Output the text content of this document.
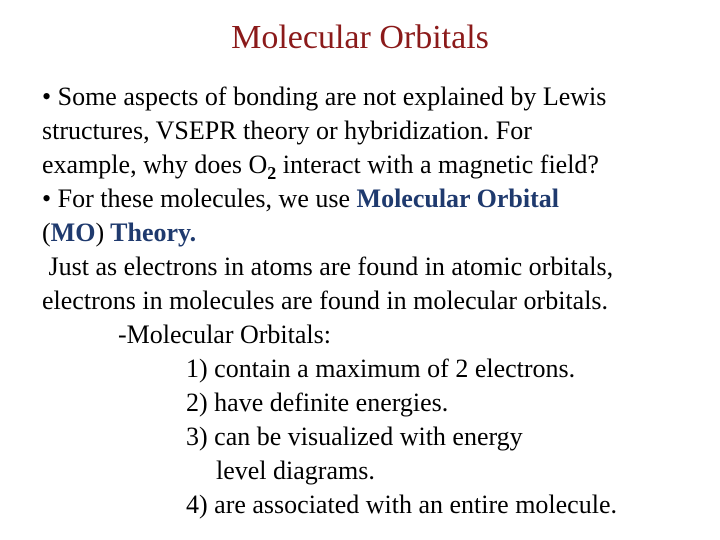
Molecular Orbitals
• Some aspects of bonding are not explained by Lewis
structures, VSEPR theory or hybridization. For
example, why does $O_2$ interact with a magnetic field?
• For these molecules, we use Molecular Orbital
(MO) Theory.
Just as electrons in atoms are found in atomic orbitals,
electrons in molecules are found in molecular orbitals.
-Molecular Orbitals:
1) contain a maximum of 2 electrons.
2) have definite energies.
3) can be visualized with energy
level diagrams.
4) are associated with an entire molecule.
